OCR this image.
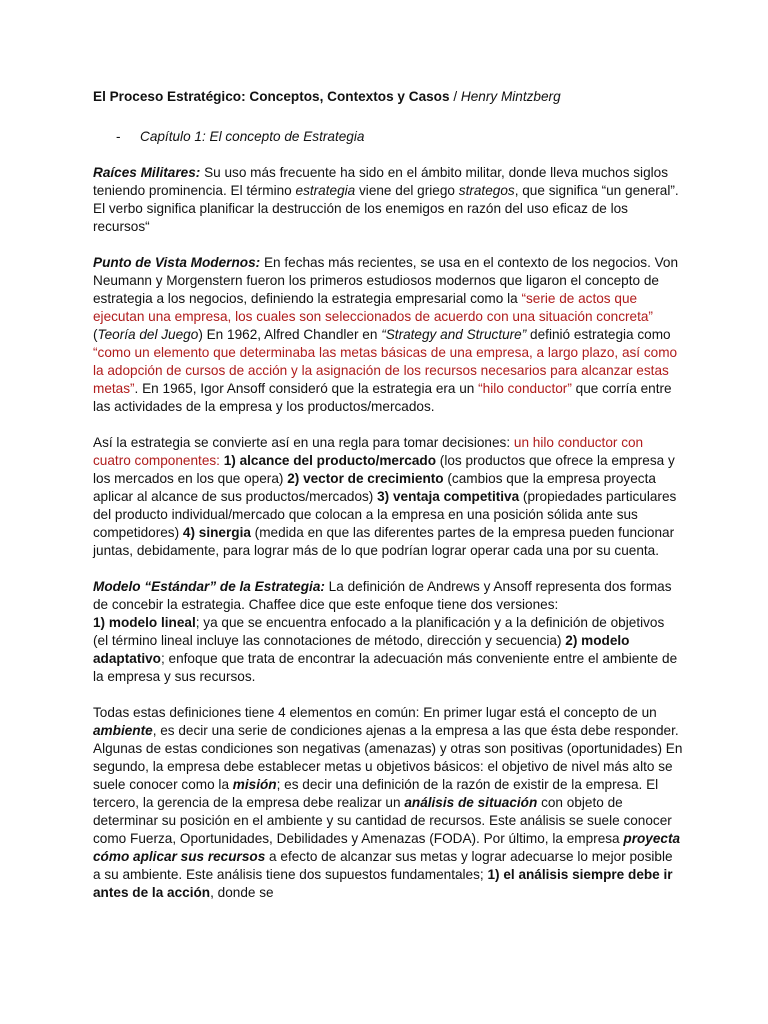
El Proceso Estratégico: Conceptos, Contextos y Casos / Henry Mintzberg

- Capítulo 1: El concepto de Estrategia

Raíces Militares: Su uso más frecuente ha sido en el ámbito militar, donde lleva muchos siglos teniendo prominencia. El término estrategia viene del griego strategos, que significa “un general”. El verbo significa planificar la destrucción de los enemigos en razón del uso eficaz de los recursos“

Punto de Vista Modernos: En fechas más recientes, se usa en el contexto de los negocios. Von Neumann y Morgenstern fueron los primeros estudiosos modernos que ligaron el concepto de estrategia a los negocios, definiendo la estrategia empresarial como la “serie de actos que ejecutan una empresa, los cuales son seleccionados de acuerdo con una situación concreta” (Teoría del Juego) En 1962, Alfred Chandler en “Strategy and Structure” definió estrategia como “como un elemento que determinaba las metas básicas de una empresa, a largo plazo, así como la adopción de cursos de acción y la asignación de los recursos necesarios para alcanzar estas metas”. En 1965, Igor Ansoff consideró que la estrategia era un “hilo conductor” que corría entre las actividades de la empresa y los productos/mercados.

Así la estrategia se convierte así en una regla para tomar decisiones: un hilo conductor con cuatro componentes: 1) alcance del producto/mercado (los productos que ofrece la empresa y los mercados en los que opera) 2) vector de crecimiento (cambios que la empresa proyecta aplicar al alcance de sus productos/mercados) 3) ventaja competitiva (propiedades particulares del producto individual/mercado que colocan a la empresa en una posición sólida ante sus competidores) 4) sinergia (medida en que las diferentes partes de la empresa pueden funcionar juntas, debidamente, para lograr más de lo que podrían lograr operar cada una por su cuenta.

Modelo “Estándar” de la Estrategia: La definición de Andrews y Ansoff representa dos formas de concebir la estrategia. Chaffee dice que este enfoque tiene dos versiones:
1) modelo lineal; ya que se encuentra enfocado a la planificación y a la definición de objetivos (el término lineal incluye las connotaciones de método, dirección y secuencia) 2) modelo adaptativo; enfoque que trata de encontrar la adecuación más conveniente entre el ambiente de la empresa y sus recursos.

Todas estas definiciones tiene 4 elementos en común: En primer lugar está el concepto de un ambiente, es decir una serie de condiciones ajenas a la empresa a las que ésta debe responder. Algunas de estas condiciones son negativas (amenazas) y otras son positivas (oportunidades) En segundo, la empresa debe establecer metas u objetivos básicos: el objetivo de nivel más alto se suele conocer como la misión; es decir una definición de la razón de existir de la empresa. El tercero, la gerencia de la empresa debe realizar un análisis de situación con objeto de determinar su posición en el ambiente y su cantidad de recursos. Este análisis se suele conocer como Fuerza, Oportunidades, Debilidades y Amenazas (FODA). Por último, la empresa proyecta cómo aplicar sus recursos a efecto de alcanzar sus metas y lograr adecuarse lo mejor posible a su ambiente. Este análisis tiene dos supuestos fundamentales; 1) el análisis siempre debe ir antes de la acción, donde se
